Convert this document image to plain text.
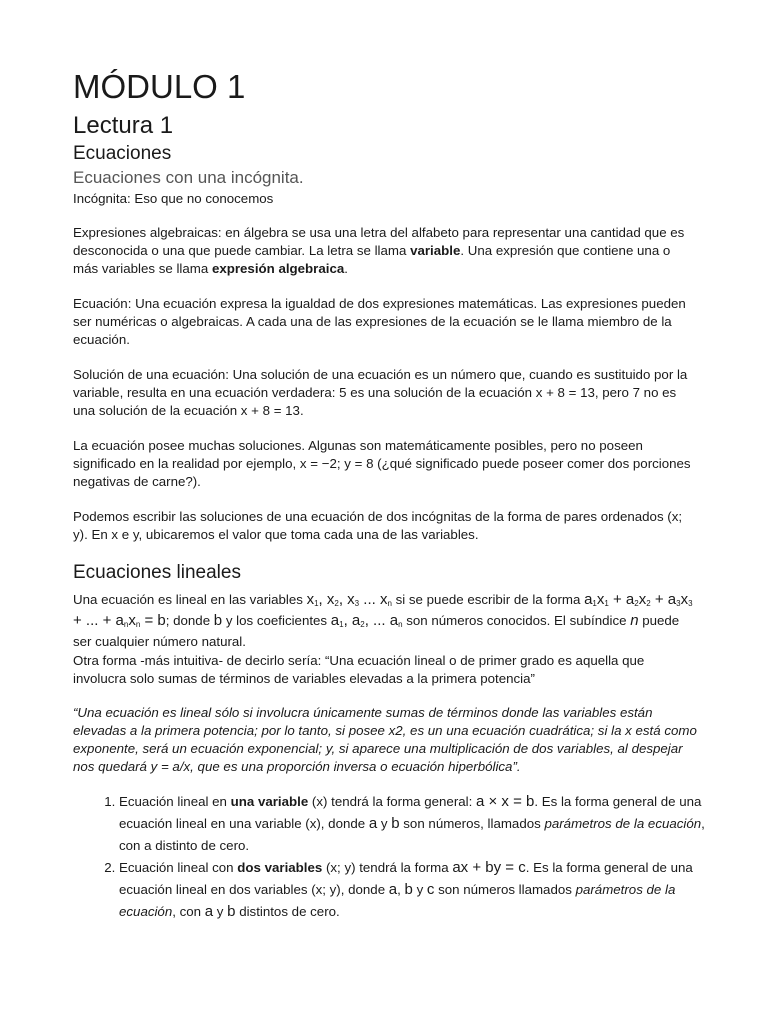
MÓDULO 1
Lectura 1
Ecuaciones
Ecuaciones con una incógnita.
Incógnita: Eso que no conocemos

Expresiones algebraicas: en álgebra se usa una letra del alfabeto para representar una cantidad que es desconocida o una que puede cambiar. La letra se llama variable. Una expresión que contiene una o más variables se llama expresión algebraica.

Ecuación: Una ecuación expresa la igualdad de dos expresiones matemáticas. Las expresiones pueden ser numéricas o algebraicas. A cada una de las expresiones de la ecuación se le llama miembro de la ecuación.
Solución de una ecuación: Una solución de una ecuación es un número que, cuando es sustituido por la variable, resulta en una ecuación verdadera: 5 es una solución de la ecuación x + 8 = 13, pero 7 no es una solución de la ecuación x + 8 = 13.
La ecuación posee muchas soluciones. Algunas son matemáticamente posibles, pero no poseen significado en la realidad por ejemplo, x = −2; y = 8 (¿qué significado puede poseer comer dos porciones negativas de carne?).
Podemos escribir las soluciones de una ecuación de dos incógnitas de la forma de pares ordenados (x; y). En x e y, ubicaremos el valor que toma cada una de las variables.
Ecuaciones lineales

Una ecuación es lineal en las variables $x_1$, $x_2$, $x_3$ ... $x_n$ si se puede escribir de la forma $a_1x_1 + a_2x_2 + a_3x_3$ + ... + $a_nx_n = b$; donde b y los coeficientes $a_1$, $a_2$, ... $a_n$ son números conocidos. El subíndice n puede ser cualquier número natural.

Otra forma -más intuitiva- de decirlo sería: “Una ecuación lineal o de primer grado es aquella que involucra solo sumas de términos de variables elevadas a la primera potencia”

“Una ecuación es lineal sólo si involucra únicamente sumas de términos donde las variables están elevadas a la primera potencia; por lo tanto, si posee x2, es un una ecuación cuadrática; si la x está como exponente, será un ecuación exponencial; y, si aparece una multiplicación de dos variables, al despejar nos quedará y = a/x, que es una proporción inversa o ecuación hiperbólica”.
1. Ecuación lineal en una variable (x) tendrá la forma general: a × x = b. Es la forma general de una ecuación lineal en una variable (x), donde a y b son números, llamados parámetros de la ecuación, con a distinto de cero.
2. Ecuación lineal con dos variables (x; y) tendrá la forma ax + by = c. Es la forma general de una ecuación lineal en dos variables (x; y), donde a, b y c son números llamados parámetros de la ecuación, con a y b distintos de cero.
